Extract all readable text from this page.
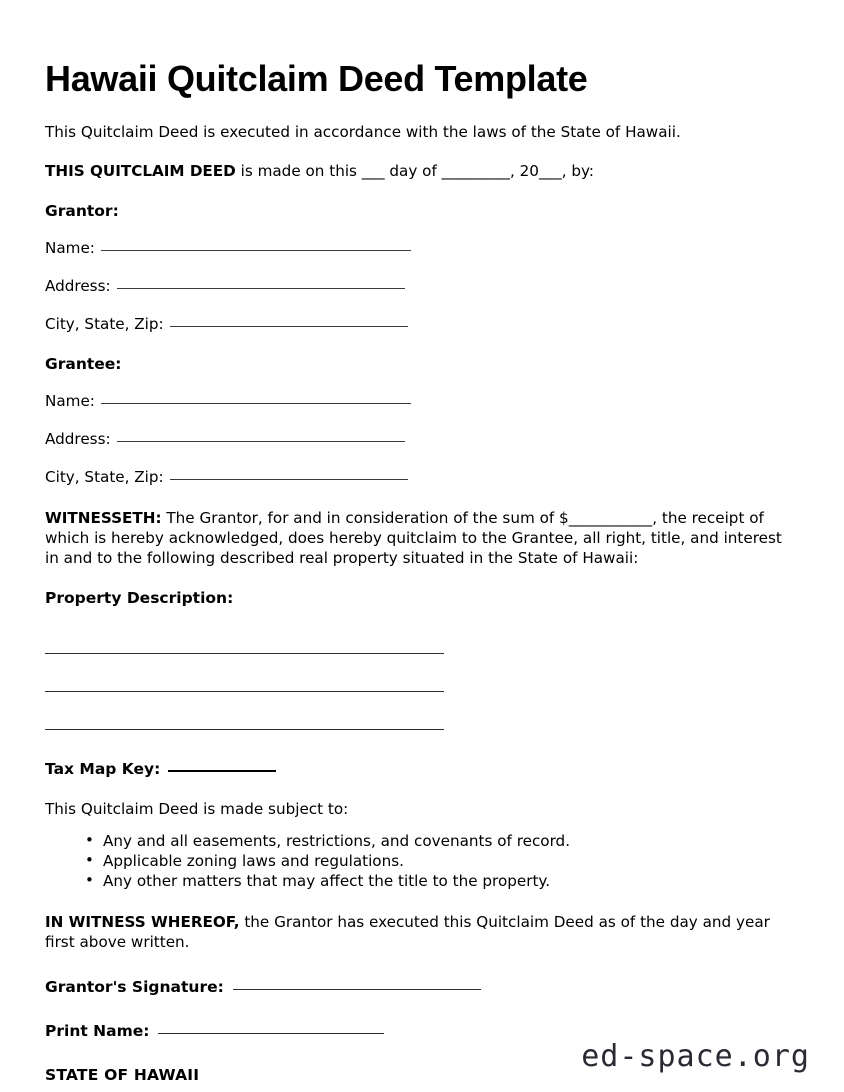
Hawaii Quitclaim Deed Template

This Quitclaim Deed is executed in accordance with the laws of the State of Hawaii.

THIS QUITCLAIM DEED is made on this ___ day of _________, 20___, by:

Grantor:
Name:
Address:
City, State, Zip:
Grantee:
Name:
Address:
City, State, Zip:

WITNESSETH: The Grantor, for and in consideration of the sum of $___________, the receipt of which is hereby acknowledged, does hereby quitclaim to the Grantee, all right, title, and interest in and to the following described real property situated in the State of Hawaii:

Property Description:
Tax Map Key:

This Quitclaim Deed is made subject to:

• Any and all easements, restrictions, and covenants of record.
• Applicable zoning laws and regulations.
• Any other matters that may affect the title to the property.

IN WITNESS WHEREOF, the Grantor has executed this Quitclaim Deed as of the day and year first above written.

Grantor's Signature:
Print Name:
STATE OF HAWAII
ed-space.org
